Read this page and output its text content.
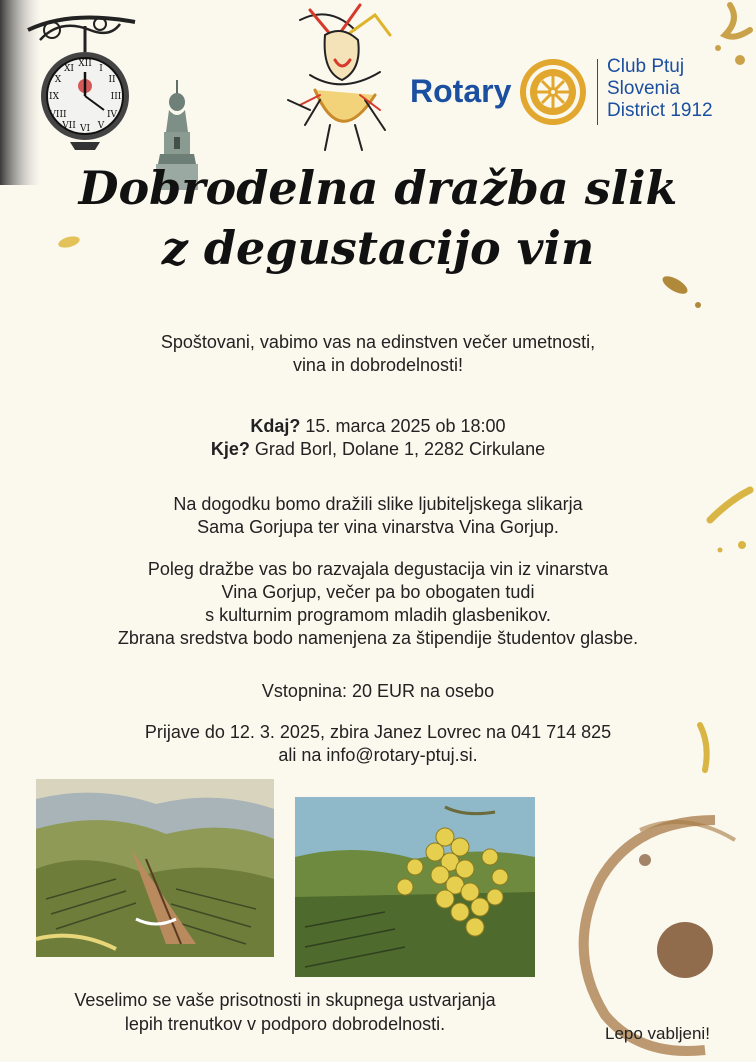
XII
III
VI
IX
I
II
IV
V
VII
VIII
X
XI
Rotary
Club Ptuj
Slovenia
District 1912
Dobrodelna dražba slik
z degustacijo vin
Spoštovani, vabimo vas na edinstven večer umetnosti,
vina in dobrodelnosti!
Kdaj? 15. marca 2025 ob 18:00
Kje? Grad Borl, Dolane 1, 2282 Cirkulane
Na dogodku bomo dražili slike ljubiteljskega slikarja
Sama Gorjupa ter vina vinarstva Vina Gorjup.
Poleg dražbe vas bo razvajala degustacija vin iz vinarstva
Vina Gorjup, večer pa bo obogaten tudi
s kulturnim programom mladih glasbenikov.
Zbrana sredstva bodo namenjena za štipendije študentov glasbe.
Vstopnina: 20 EUR na osebo
Prijave do 12. 3. 2025, zbira Janez Lovrec na 041 714 825
ali na info@rotary-ptuj.si.
Veselimo se vaše prisotnosti in skupnega ustvarjanja
lepih trenutkov v podporo dobrodelnosti.	Lepo vabljeni!
